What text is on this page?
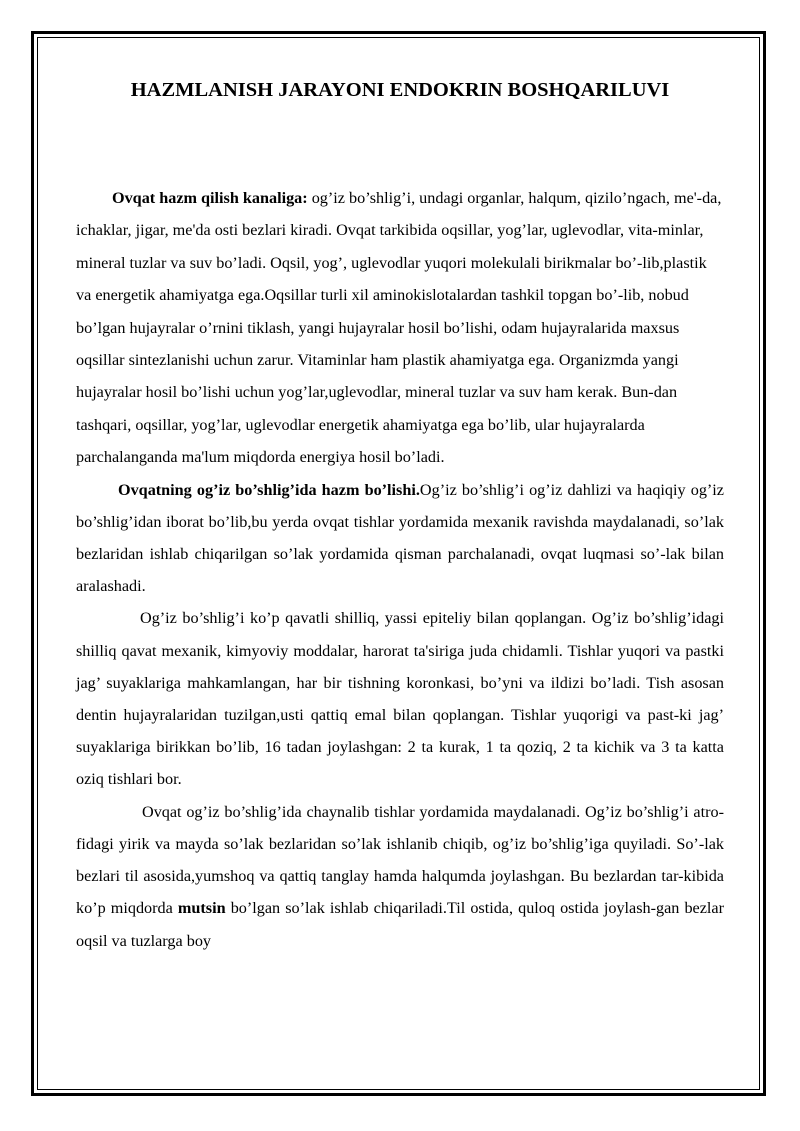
HAZMLANISH JARAYONI ENDOKRIN BOSHQARILUVI

Ovqat hazm qilish kanaliga: og’iz bo’shlig’i, undagi organlar, halqum, qizilo’ngach, me'-da, ichaklar, jigar, me'da osti bezlari kiradi. Ovqat tarkibida oqsillar, yog’lar, uglevodlar, vita-minlar, mineral tuzlar va suv bo’ladi. Oqsil, yog’, uglevodlar yuqori molekulali birikmalar bo’-lib,plastik va energetik ahamiyatga ega.Oqsillar turli xil aminokislotalardan tashkil topgan bo’-lib, nobud bo’lgan hujayralar o’rnini tiklash, yangi hujayralar hosil bo’lishi, odam hujayralarida maxsus oqsillar sintezlanishi uchun zarur. Vitaminlar ham plastik ahamiyatga ega. Organizmda yangi hujayralar hosil bo’lishi uchun yog’lar,uglevodlar, mineral tuzlar va suv ham kerak. Bun-dan tashqari, oqsillar, yog’lar, uglevodlar energetik ahamiyatga ega bo’lib, ular hujayralarda parchalanganda ma'lum miqdorda energiya hosil bo’ladi.

Ovqatning og’iz bo’shlig’ida hazm bo’lishi.Og’iz bo’shlig’i og’iz dahlizi va haqiqiy og’iz bo’shlig’idan iborat bo’lib,bu yerda ovqat tishlar yordamida mexanik ravishda maydalanadi, so’lak bezlaridan ishlab chiqarilgan so’lak yordamida qisman parchalanadi, ovqat luqmasi so’-lak bilan aralashadi.

Og’iz bo’shlig’i ko’p qavatli shilliq, yassi epiteliy bilan qoplangan. Og’iz bo’shlig’idagi shilliq qavat mexanik, kimyoviy moddalar, harorat ta'siriga juda chidamli. Tishlar yuqori va pastki jag’ suyaklariga mahkamlangan, har bir tishning koronkasi, bo’yni va ildizi bo’ladi. Tish asosan dentin hujayralaridan tuzilgan,usti qattiq emal bilan qoplangan. Tishlar yuqorigi va past-ki jag’ suyaklariga birikkan bo’lib, 16 tadan joylashgan: 2 ta kurak, 1 ta qoziq, 2 ta kichik va 3 ta katta oziq tishlari bor.

Ovqat og’iz bo’shlig’ida chaynalib tishlar yordamida maydalanadi. Og’iz bo’shlig’i atro-fidagi yirik va mayda so’lak bezlaridan so’lak ishlanib chiqib, og’iz bo’shlig’iga quyiladi. So’-lak bezlari til asosida,yumshoq va qattiq tanglay hamda halqumda joylashgan. Bu bezlardan tar-kibida ko’p miqdorda mutsin bo’lgan so’lak ishlab chiqariladi.Til ostida, quloq ostida joylash-gan bezlar oqsil va tuzlarga boy
